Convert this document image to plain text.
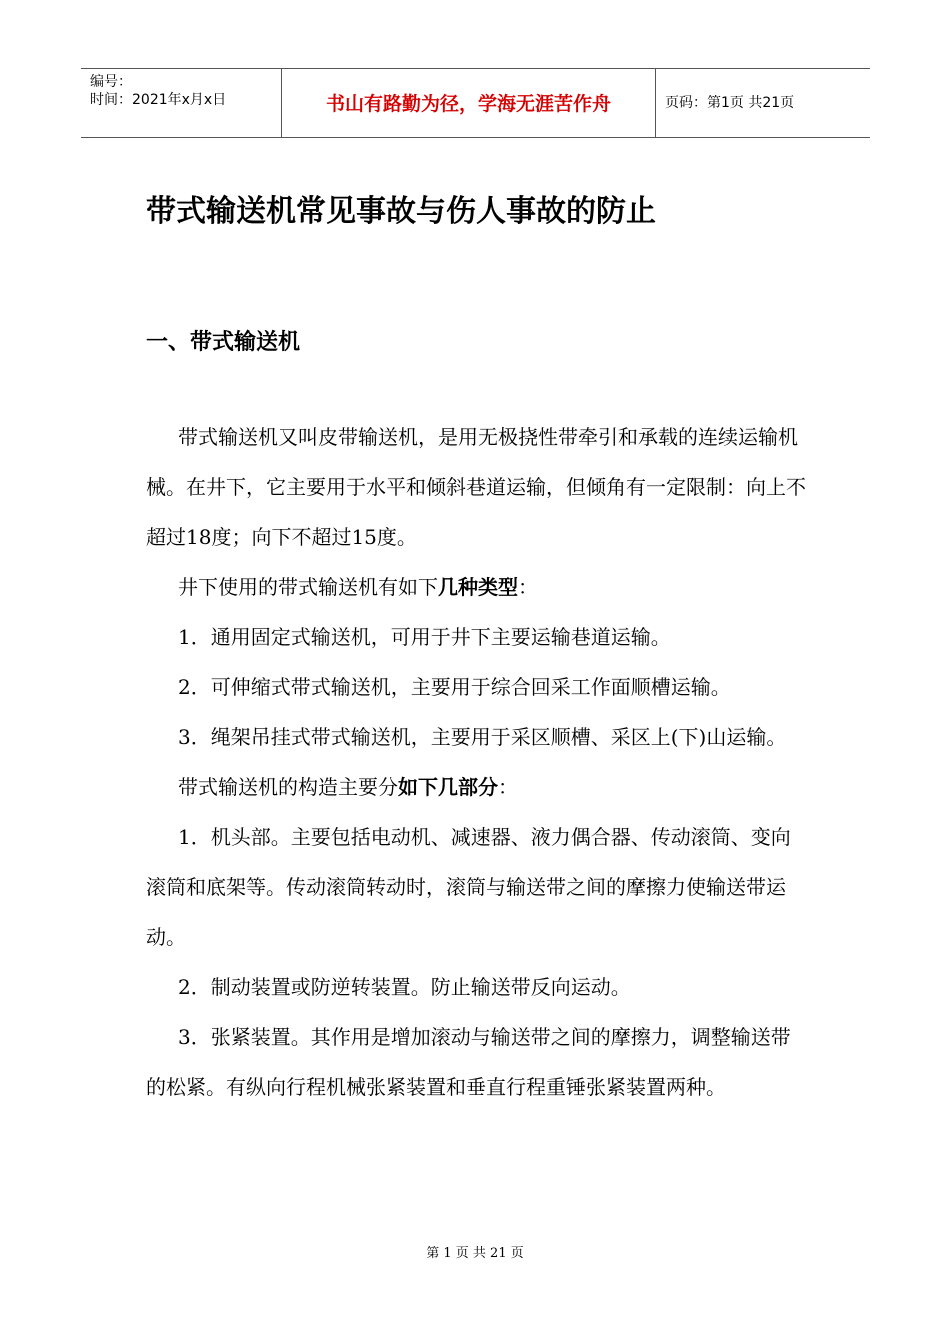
编号：
时间：2021年x月x日	书山有路勤为径，学海无涯苦作舟	页码：第1页 共21页
带式输送机常见事故与伤人事故的防止
一、带式输送机

带式输送机又叫皮带输送机，是用无极挠性带牵引和承载的连续运输机械。在井下，它主要用于水平和倾斜巷道运输，但倾角有一定限制：向上不超过18度；向下不超过15度。

井下使用的带式输送机有如下几种类型：

1．通用固定式输送机，可用于井下主要运输巷道运输。

2．可伸缩式带式输送机，主要用于综合回采工作面顺槽运输。

3．绳架吊挂式带式输送机，主要用于采区顺槽、采区上(下)山运输。

带式输送机的构造主要分如下几部分：

1．机头部。主要包括电动机、减速器、液力偶合器、传动滚筒、变向滚筒和底架等。传动滚筒转动时，滚筒与输送带之间的摩擦力使输送带运动。

2．制动装置或防逆转装置。防止输送带反向运动。

3．张紧装置。其作用是增加滚动与输送带之间的摩擦力，调整输送带的松紧。有纵向行程机械张紧装置和垂直行程重锤张紧装置两种。

第 1 页 共 21 页
